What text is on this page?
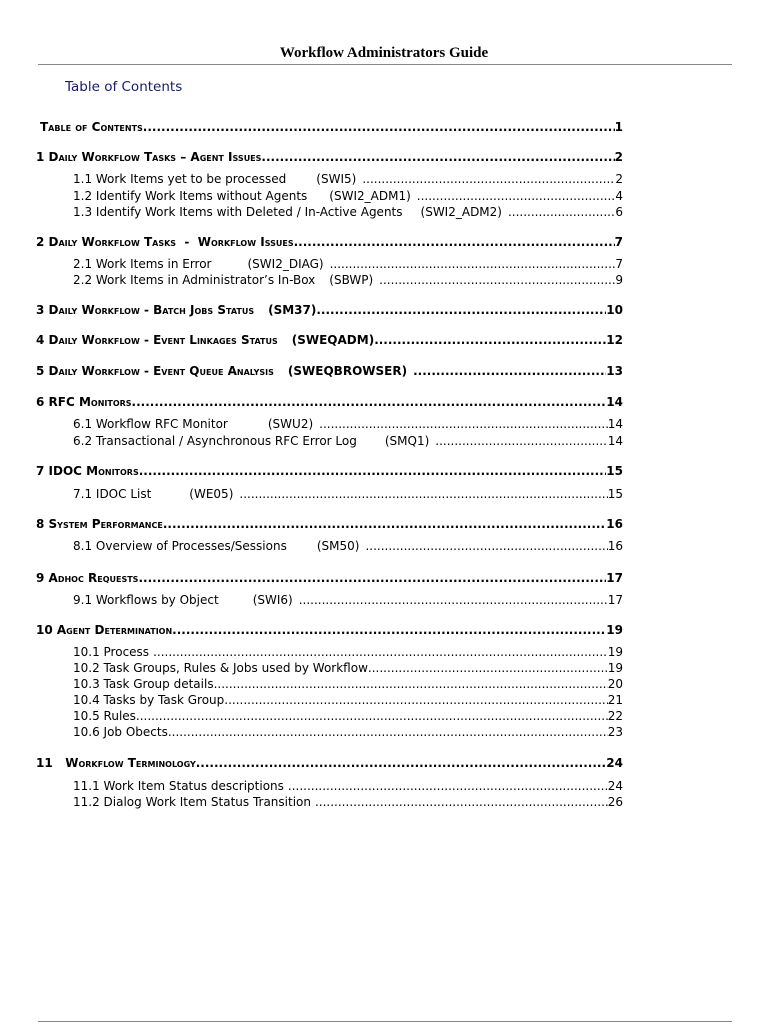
Workflow Administrators Guide
Table of Contents
Table of Contents .....	1
1 Daily Workflow Tasks – Agent Issues .....	2
1.1 Work Items yet to be processed	(SWI5) .....	2
1.2 Identify Work Items without Agents (SWI2_ADM1) .....	4
1.3 Identify Work Items with Deleted / In-Active Agents (SWI2_ADM2) .....	6
2 Daily Workflow Tasks  -  Workflow Issues .....	7
2.1 Work Items in Error	(SWI2_DIAG) .....	7
2.2 Work Items in Administrator’s In-Box (SBWP) .....	9
3 Daily Workflow - Batch Jobs Status (SM37) .....	10
4 Daily Workflow - Event Linkages Status (SWEQADM) .....	12
5 Daily Workflow - Event Queue Analysis (SWEQBROWSER) .....	13
6 RFC Monitors .....	14
6.1 Workflow RFC Monitor	(SWU2) .....	14
6.2 Transactional / Asynchronous RFC Error Log (SMQ1) .....	14
7 IDOC Monitors .....	15
7.1 IDOC List	(WE05) .....	15
8 System Performance .....	16
8.1 Overview of Processes/Sessions	(SM50) .....	16
9 Adhoc Requests .....	17
9.1 Workflows by Object	(SWI6) .....	17
10 Agent Determination .....	19
10.1 Process .....	19
10.2 Task Groups, Rules & Jobs used by Workflow .....	19
10.3 Task Group details .....	20
10.4 Tasks by Task Group .....	21
10.5 Rules .....	22
10.6 Job Obects .....	23
11   Workflow Terminology .....	24
11.1 Work Item Status descriptions .....	24
11.2 Dialog Work Item Status Transition .....	26
